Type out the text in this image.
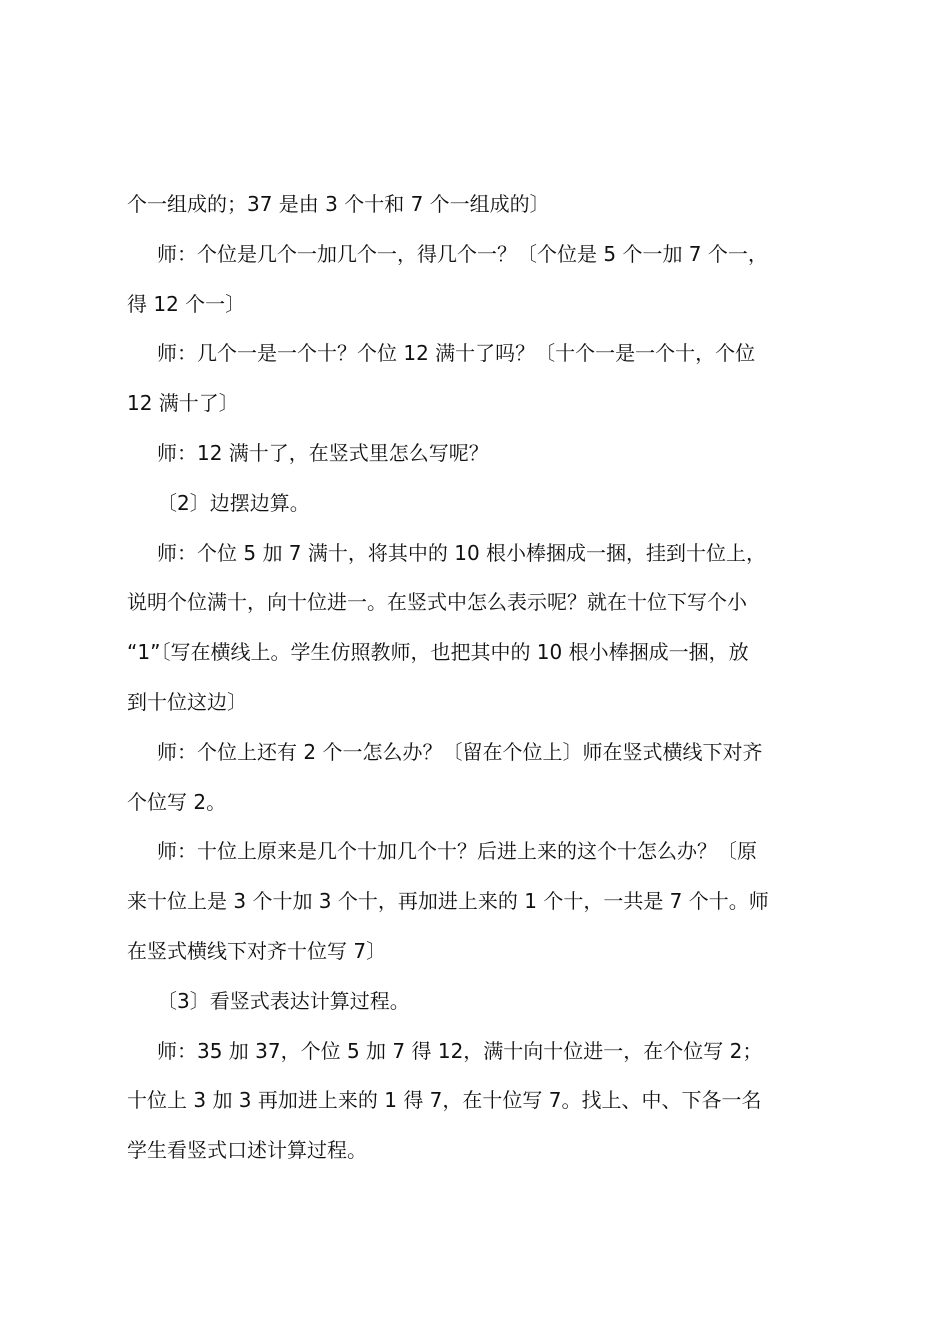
个一组成的；37 是由 3 个十和 7 个一组成的〕
师：个位是几个一加几个一，得几个一？〔个位是 5 个一加 7 个一，
得 12 个一〕
师：几个一是一个十？个位 12 满十了吗？〔十个一是一个十，个位
12 满十了〕
师：12 满十了，在竖式里怎么写呢？
〔2〕边摆边算。
师：个位 5 加 7 满十，将其中的 10 根小棒捆成一捆，挂到十位上，
说明个位满十，向十位进一。在竖式中怎么表示呢？就在十位下写个小
“1”〔写在横线上。学生仿照教师，也把其中的 10 根小棒捆成一捆，放
到十位这边〕
师：个位上还有 2 个一怎么办？〔留在个位上〕师在竖式横线下对齐
个位写 2。
师：十位上原来是几个十加几个十？后进上来的这个十怎么办？〔原
来十位上是 3 个十加 3 个十，再加进上来的 1 个十，一共是 7 个十。师
在竖式横线下对齐十位写 7〕
〔3〕看竖式表达计算过程。
师：35 加 37，个位 5 加 7 得 12，满十向十位进一，在个位写 2；
十位上 3 加 3 再加进上来的 1 得 7，在十位写 7。找上、中、下各一名
学生看竖式口述计算过程。
